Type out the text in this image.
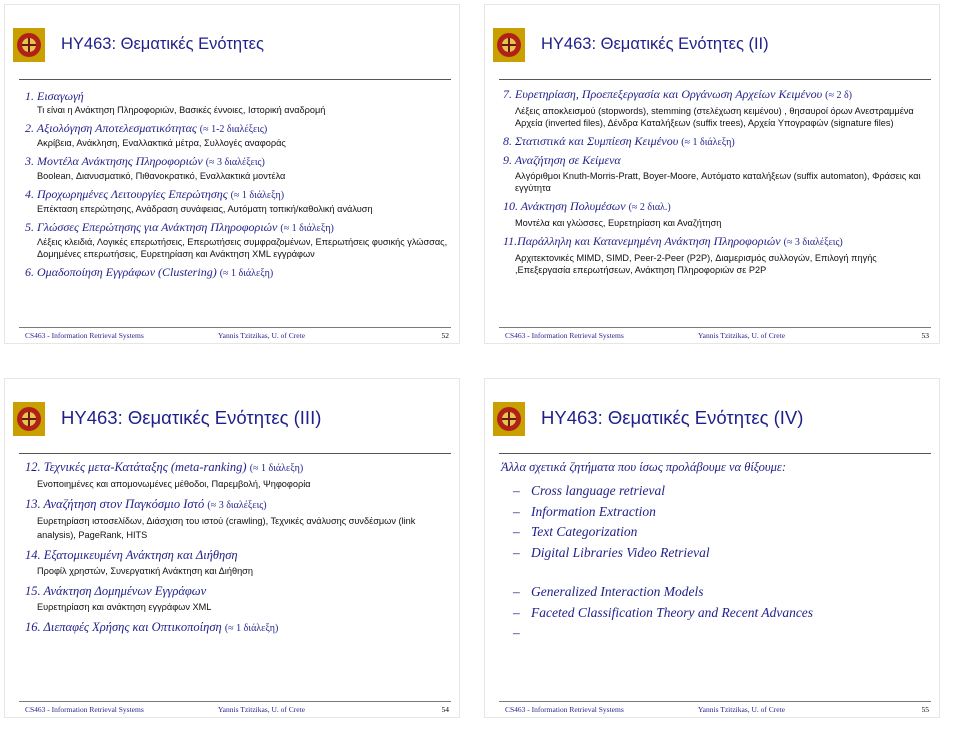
HY463: Θεματικές Ενότητες
1. Εισαγωγή
Τι είναι η Ανάκτηση Πληροφοριών, Βασικές έννοιες, Ιστορική αναδρομή
2. Αξιολόγηση Αποτελεσματικότητας (≈ 1-2 διαλέξεις)
Ακρίβεια, Ανάκληση, Εναλλακτικά μέτρα, Συλλογές αναφοράς
3. Μοντέλα Ανάκτησης Πληροφοριών (≈ 3 διαλέξεις)
Boolean, Διανυσματικό, Πιθανοκρατικό, Εναλλακτικά μοντέλα
4. Προχωρημένες Λειτουργίες Επερώτησης (≈ 1 διάλεξη)
Επέκταση επερώτησης, Ανάδραση συνάφειας, Αυτόματη τοπική/καθολική ανάλυση
5. Γλώσσες Επερώτησης για Ανάκτηση Πληροφοριών (≈ 1 διάλεξη)
Λέξεις κλειδιά, Λογικές επερωτήσεις, Επερωτήσεις συμφραζομένων, Επερωτήσεις φυσικής γλώσσας, Δομημένες επερωτήσεις, Ευρετηρίαση και Ανάκτηση XML εγγράφων
6. Ομαδοποίηση Εγγράφων (Clustering) (≈ 1 διάλεξη)
CS463 - Information Retrieval Systems	Yannis Tzitzikas, U. of Crete	52
HY463: Θεματικές Ενότητες (II)
7. Ευρετηρίαση, Προεπεξεργασία και Οργάνωση Αρχείων Κειμένου (≈ 2 δ)
Λέξεις αποκλεισμού (stopwords), stemming (στελέχωση κειμένου) , θησαυροί όρων Ανεστραμμένα Αρχεία (inverted files), Δένδρα Καταλήξεων (suffix trees), Αρχεία Υπογραφών (signature files)
8. Στατιστικά και Συμπίεση Κειμένου (≈ 1 διάλεξη)
9. Αναζήτηση σε Κείμενα
Αλγόριθμοι Knuth-Morris-Pratt, Boyer-Moore, Αυτόματο καταλήξεων (suffix automaton), Φράσεις και εγγύτητα
10. Ανάκτηση Πολυμέσων (≈ 2 διαλ.)
Μοντέλα και γλώσσες, Ευρετηρίαση και Αναζήτηση
11.Παράλληλη και Κατανεμημένη Ανάκτηση Πληροφοριών (≈ 3 διαλέξεις)
Αρχιτεκτονικές MIMD, SIMD, Peer-2-Peer (P2P), Διαμερισμός συλλογών, Επιλογή πηγής ,Επεξεργασία επερωτήσεων, Ανάκτηση Πληροφοριών σε P2P
CS463 - Information Retrieval Systems	Yannis Tzitzikas, U. of Crete	53
HY463: Θεματικές Ενότητες (III)
12. Τεχνικές μετα-Κατάταξης (meta-ranking) (≈ 1 διάλεξη)
Ενοποιημένες και απομονωμένες μέθοδοι, Παρεμβολή, Ψηφοφορία
13. Αναζήτηση στον Παγκόσμιο Ιστό (≈ 3 διαλέξεις)
Ευρετηρίαση ιστοσελίδων, Διάσχιση του ιστού (crawling), Τεχνικές ανάλυσης συνδέσμων (link analysis), PageRank, HITS
14. Εξατομικευμένη Ανάκτηση και Διήθηση
Προφίλ χρηστών, Συνεργατική Ανάκτηση και Διήθηση
15. Ανάκτηση Δομημένων Εγγράφων
Ευρετηρίαση και ανάκτηση εγγράφων XML
16. Διεπαφές Χρήσης και Οπτικοποίηση (≈ 1 διάλεξη)
CS463 - Information Retrieval Systems	Yannis Tzitzikas, U. of Crete	54
HY463: Θεματικές Ενότητες (IV)
Άλλα σχετικά ζητήματα που ίσως προλάβουμε να θίξουμε:
– Cross language retrieval
– Information Extraction
– Text Categorization
– Digital Libraries Video Retrieval
– Generalized Interaction Models
– Faceted Classification Theory and Recent Advances
–
CS463 - Information Retrieval Systems	Yannis Tzitzikas, U. of Crete	55
